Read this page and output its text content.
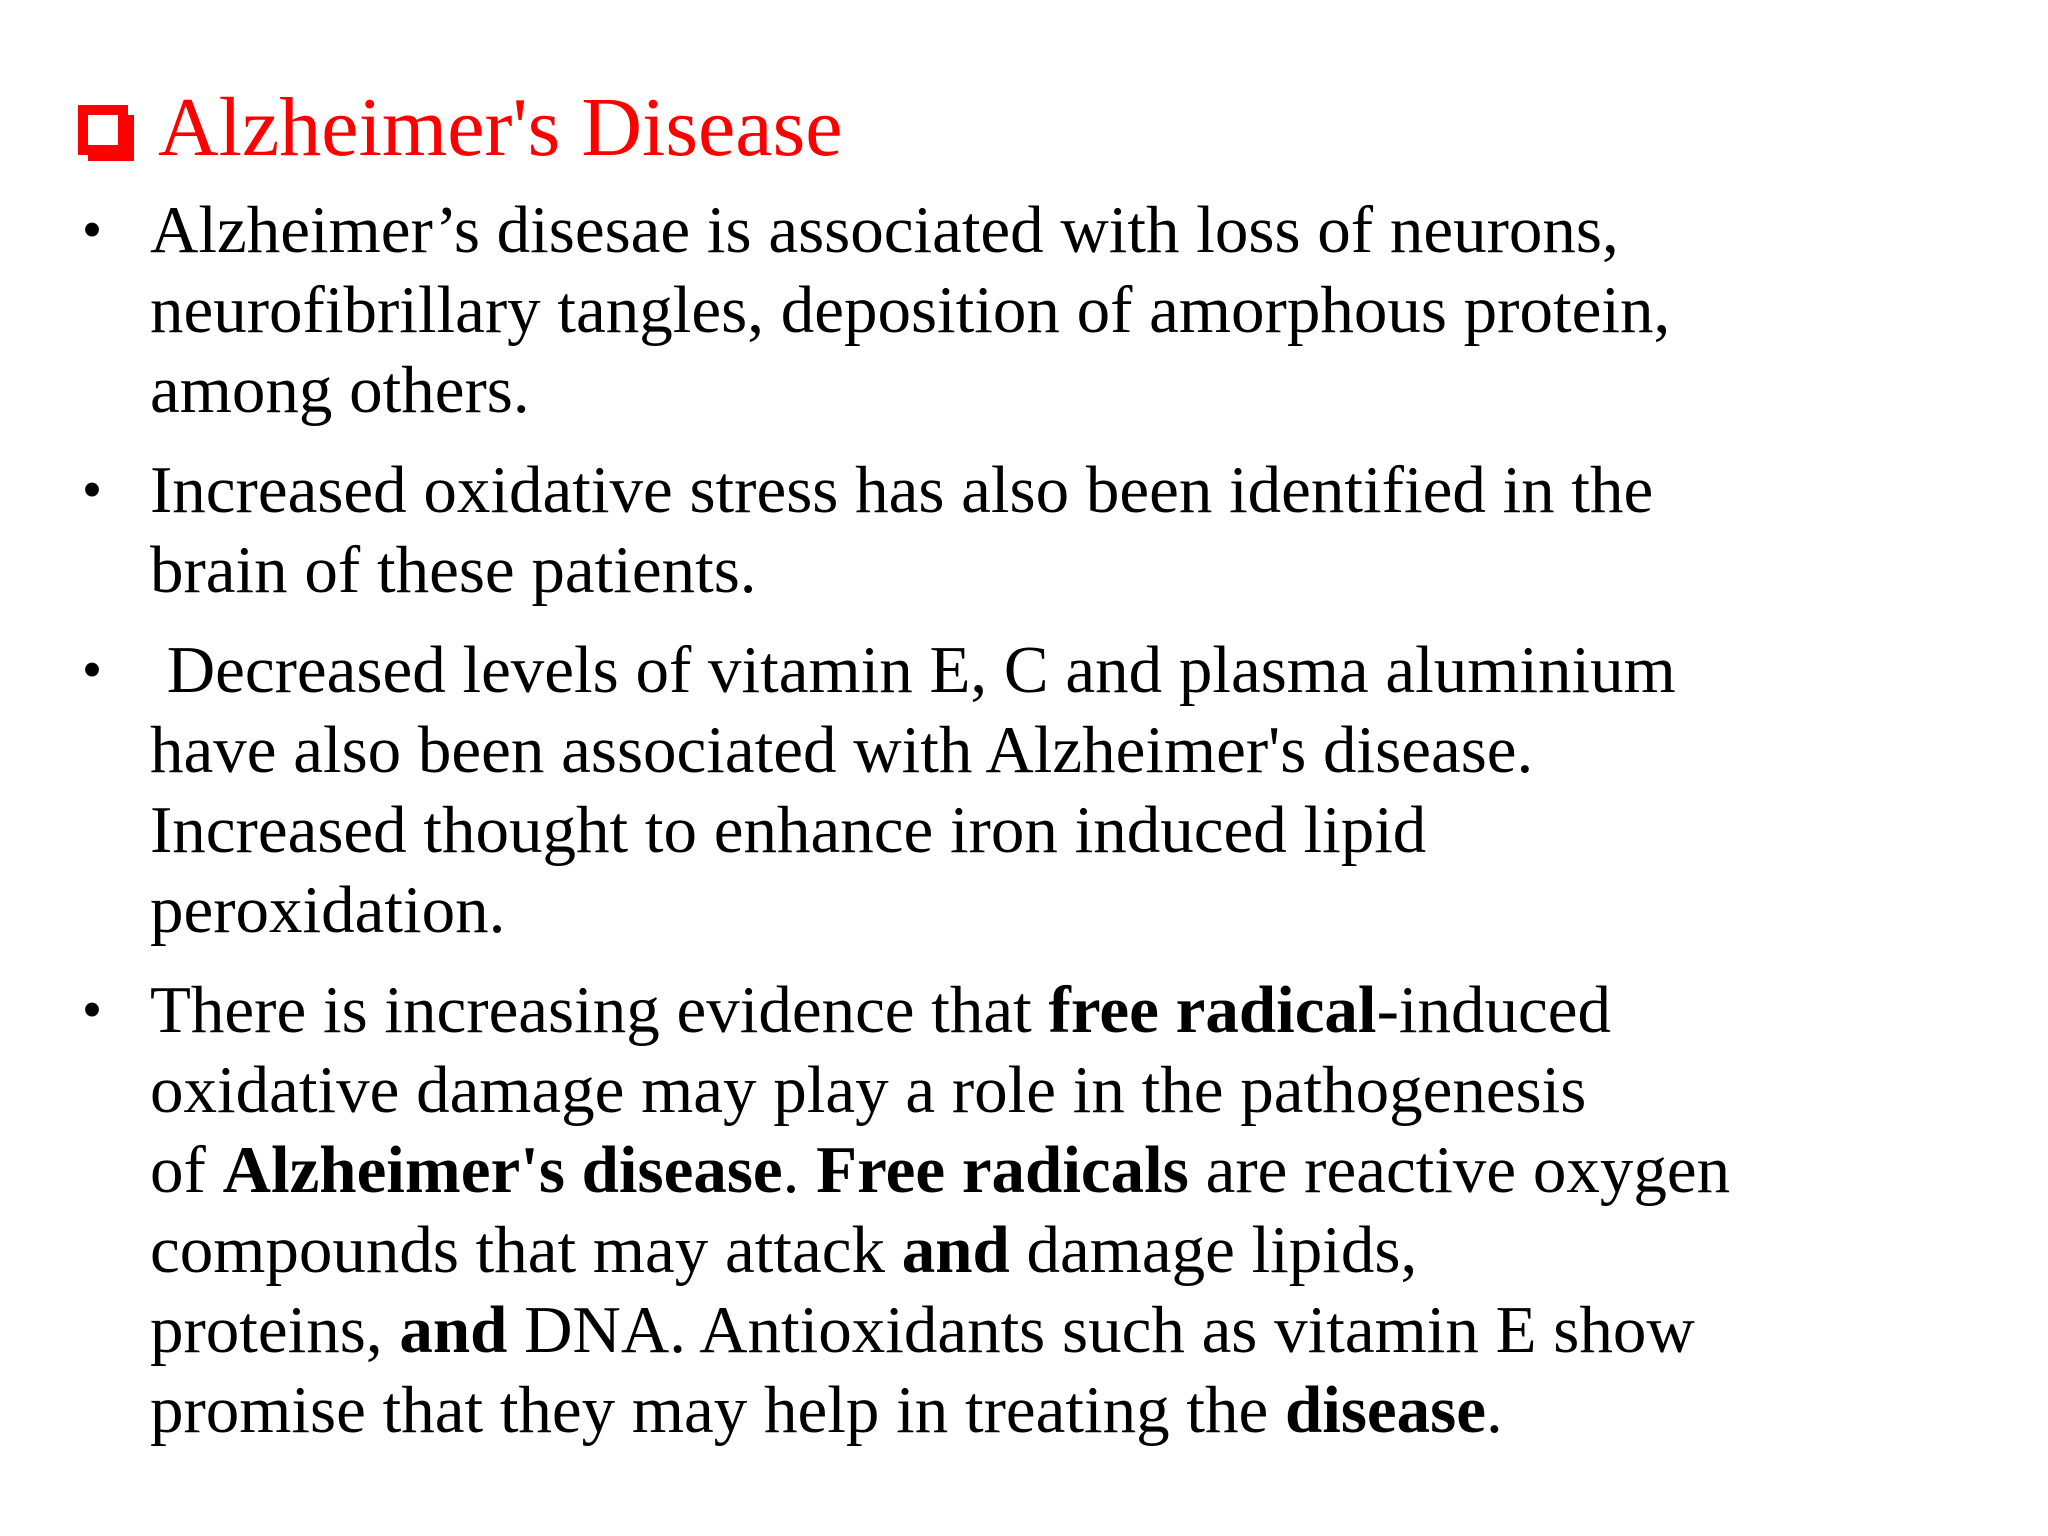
Alzheimer's Disease
• Alzheimer’s disesae is associated with loss of neurons,
neurofibrillary tangles, deposition of amorphous protein,
among others.
• Increased oxidative stress has also been identified in the
brain of these patients.
• Decreased levels of vitamin E, C and plasma aluminium
have also been associated with Alzheimer's disease.
Increased thought to enhance iron induced lipid
peroxidation.
• There is increasing evidence that free radical-induced
oxidative damage may play a role in the pathogenesis
of Alzheimer's disease. Free radicals are reactive oxygen
compounds that may attack and damage lipids,
proteins, and DNA. Antioxidants such as vitamin E show
promise that they may help in treating the disease.
